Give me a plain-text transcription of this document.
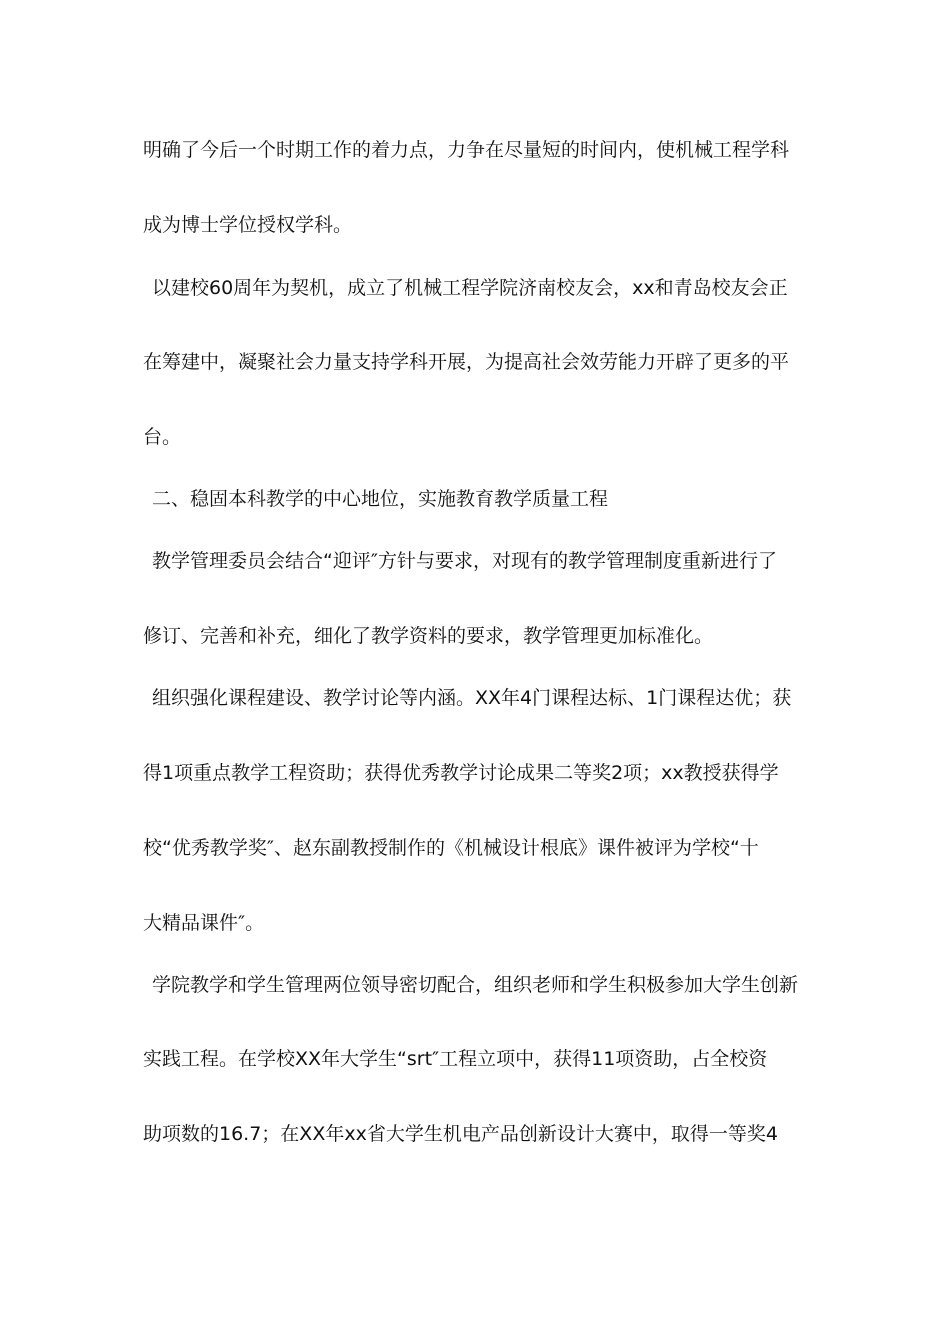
明确了今后一个时期工作的着力点，力争在尽量短的时间内，使机械工程学科
成为博士学位授权学科。
以建校60周年为契机，成立了机械工程学院济南校友会，xx和青岛校友会正
在筹建中，凝聚社会力量支持学科开展，为提高社会效劳能力开辟了更多的平
台。
二、稳固本科教学的中心地位，实施教育教学质量工程
教学管理委员会结合“迎评″方针与要求，对现有的教学管理制度重新进行了
修订、完善和补充，细化了教学资料的要求，教学管理更加标准化。
组织强化课程建设、教学讨论等内涵。XX年4门课程达标、1门课程达优；获
得1项重点教学工程资助；获得优秀教学讨论成果二等奖2项；xx教授获得学
校“优秀教学奖″、赵东副教授制作的《机械设计根底》课件被评为学校“十
大精品课件″。
学院教学和学生管理两位领导密切配合，组织老师和学生积极参加大学生创新
实践工程。在学校XX年大学生“srt″工程立项中，获得11项资助，占全校资
助项数的16.7；在XX年xx省大学生机电产品创新设计大赛中，取得一等奖4
